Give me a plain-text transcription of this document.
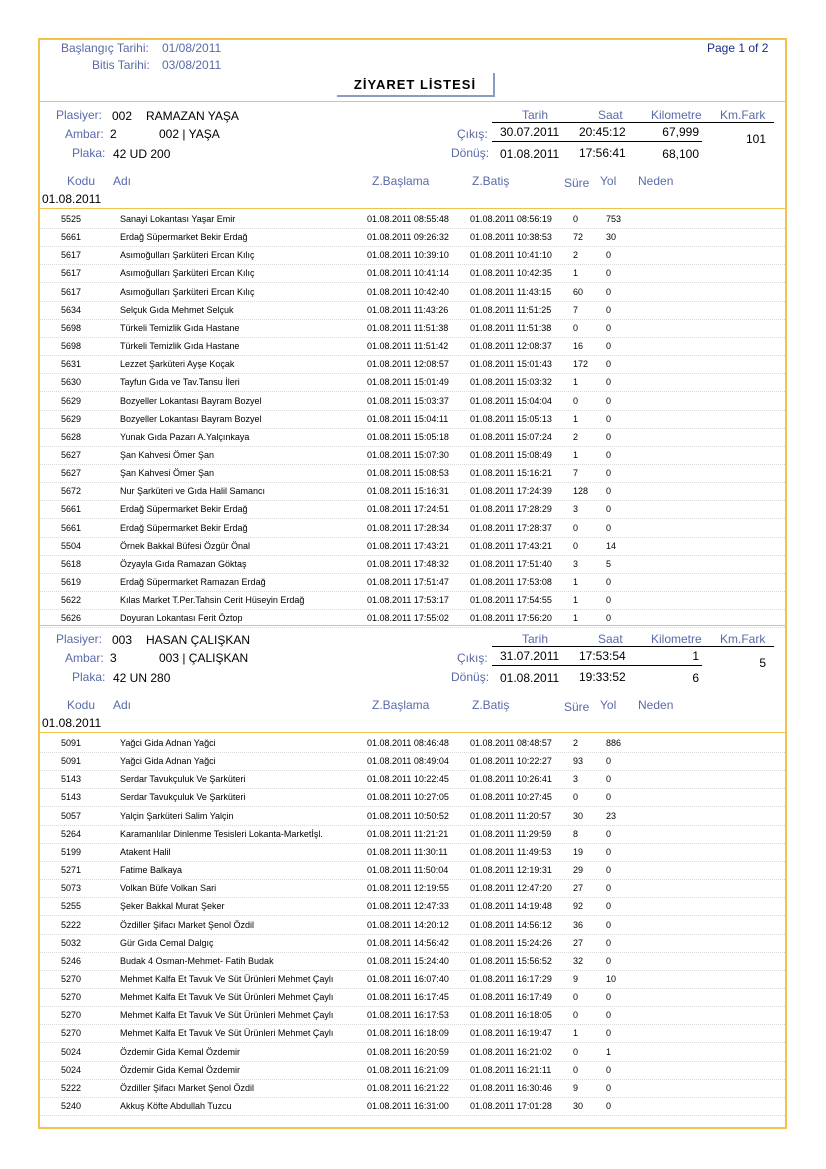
Başlangıç Tarihi: 01/08/2011
Bitis Tarihi: 03/08/2011
Page 1 of 2
ZİYARET LİSTESİ
Plasiyer: 002 RAMAZAN YAŞA
Ambar: 2	002 | YAŞA
Plaka: 42 UD 200
Tarih	Saat Kilometre Km.Fark
Çıkış: 30.07.2011 20:45:12	67,999	101
Dönüş: 01.08.2011 17:56:41	68,100
Kodu Adı	Z.Başlama	Z.Batiş	Süre Yol Neden
01.08.2011
5525	Sanayi Lokantası Yaşar Emir	01.08.2011 08:55:48 01.08.2011 08:56:19 0	753
5661	Erdağ Süpermarket Bekir Erdağ	01.08.2011 09:26:32 01.08.2011 10:38:53 72	30
5617	Asımoğulları Şarküteri Ercan Kılıç	01.08.2011 10:39:10 01.08.2011 10:41:10 2	0
5617	Asımoğulları Şarküteri Ercan Kılıç	01.08.2011 10:41:14 01.08.2011 10:42:35 1	0
5617	Asımoğulları Şarküteri Ercan Kılıç	01.08.2011 10:42:40 01.08.2011 11:43:15 60	0
5634	Selçuk Gıda Mehmet Selçuk	01.08.2011 11:43:26 01.08.2011 11:51:25 7	0
5698	Türkeli Temizlik Gıda Hastane	01.08.2011 11:51:38 01.08.2011 11:51:38 0	0
5698	Türkeli Temizlik Gıda Hastane	01.08.2011 11:51:42 01.08.2011 12:08:37 16	0
5631	Lezzet Şarküteri Ayşe Koçak	01.08.2011 12:08:57 01.08.2011 15:01:43 172 0
5630	Tayfun Gıda ve Tav.Tansu İleri	01.08.2011 15:01:49 01.08.2011 15:03:32 1	0
5629	Bozyeller Lokantası Bayram Bozyel	01.08.2011 15:03:37 01.08.2011 15:04:04 0	0
5629	Bozyeller Lokantası Bayram Bozyel	01.08.2011 15:04:11 01.08.2011 15:05:13 1	0
5628	Yunak Gıda Pazarı A.Yalçınkaya	01.08.2011 15:05:18 01.08.2011 15:07:24 2	0
5627	Şan Kahvesi Ömer Şan	01.08.2011 15:07:30 01.08.2011 15:08:49 1	0
5627	Şan Kahvesi Ömer Şan	01.08.2011 15:08:53 01.08.2011 15:16:21 7	0
5672	Nur Şarküteri ve Gıda Halil Samancı	01.08.2011 15:16:31 01.08.2011 17:24:39 128 0
5661	Erdağ Süpermarket Bekir Erdağ	01.08.2011 17:24:51 01.08.2011 17:28:29 3	0
5661	Erdağ Süpermarket Bekir Erdağ	01.08.2011 17:28:34 01.08.2011 17:28:37 0	0
5504	Örnek Bakkal Büfesi Özgür Önal	01.08.2011 17:43:21 01.08.2011 17:43:21 0	14
5618	Özyayla Gıda Ramazan Göktaş	01.08.2011 17:48:32 01.08.2011 17:51:40 3	5
5619	Erdağ Süpermarket Ramazan Erdağ	01.08.2011 17:51:47 01.08.2011 17:53:08 1	0
5622	Kılas Market T.Per.Tahsin Cerit Hüseyin Erdağ	01.08.2011 17:53:17 01.08.2011 17:54:55 1	0
5626	Doyuran Lokantası Ferit Öztop	01.08.2011 17:55:02 01.08.2011 17:56:20 1	0
Plasiyer: 003 HASAN ÇALIŞKAN
Ambar: 3	003 | ÇALIŞKAN
Plaka: 42 UN 280
Tarih	Saat Kilometre Km.Fark
Çıkış: 31.07.2011 17:53:54	1	5
Dönüş: 01.08.2011 19:33:52	6
Kodu Adı	Z.Başlama	Z.Batiş	Süre Yol Neden
01.08.2011
5091	Yağci Gida Adnan Yağci	01.08.2011 08:46:48 01.08.2011 08:48:57 2	886
5091	Yağci Gida Adnan Yağci	01.08.2011 08:49:04 01.08.2011 10:22:27 93	0
5143	Serdar Tavukçuluk Ve Şarküteri	01.08.2011 10:22:45 01.08.2011 10:26:41 3	0
5143	Serdar Tavukçuluk Ve Şarküteri	01.08.2011 10:27:05 01.08.2011 10:27:45 0	0
5057	Yalçin Şarküteri Salim Yalçin	01.08.2011 10:50:52 01.08.2011 11:20:57 30	23
5264	Karamanlılar Dinlenme Tesisleri Lokanta-Marketİşl.	01.08.2011 11:21:21 01.08.2011 11:29:59 8	0
5199	Atakent Halil	01.08.2011 11:30:11 01.08.2011 11:49:53 19	0
5271	Fatime Balkaya	01.08.2011 11:50:04 01.08.2011 12:19:31 29	0
5073	Volkan Büfe Volkan Sari	01.08.2011 12:19:55 01.08.2011 12:47:20 27	0
5255	Şeker Bakkal Murat Şeker	01.08.2011 12:47:33 01.08.2011 14:19:48 92	0
5222	Özdiller Şifacı Market Şenol Özdil	01.08.2011 14:20:12 01.08.2011 14:56:12 36	0
5032	Gür Gıda Cemal Dalgıç	01.08.2011 14:56:42 01.08.2011 15:24:26 27	0
5246	Budak 4 Osman-Mehmet- Fatih Budak	01.08.2011 15:24:40 01.08.2011 15:56:52 32	0
5270	Mehmet Kalfa Et Tavuk Ve Süt Ürünleri Mehmet Çaylı	01.08.2011 16:07:40 01.08.2011 16:17:29 9	10
5270	Mehmet Kalfa Et Tavuk Ve Süt Ürünleri Mehmet Çaylı	01.08.2011 16:17:45 01.08.2011 16:17:49 0	0
5270	Mehmet Kalfa Et Tavuk Ve Süt Ürünleri Mehmet Çaylı	01.08.2011 16:17:53 01.08.2011 16:18:05 0	0
5270	Mehmet Kalfa Et Tavuk Ve Süt Ürünleri Mehmet Çaylı	01.08.2011 16:18:09 01.08.2011 16:19:47 1	0
5024	Özdemir Gida Kemal Özdemir	01.08.2011 16:20:59 01.08.2011 16:21:02 0	1
5024	Özdemir Gida Kemal Özdemir	01.08.2011 16:21:09 01.08.2011 16:21:11 0	0
5222	Özdiller Şifacı Market Şenol Özdil	01.08.2011 16:21:22 01.08.2011 16:30:46 9	0
5240	Akkuş Köfte Abdullah Tuzcu	01.08.2011 16:31:00 01.08.2011 17:01:28 30	0
